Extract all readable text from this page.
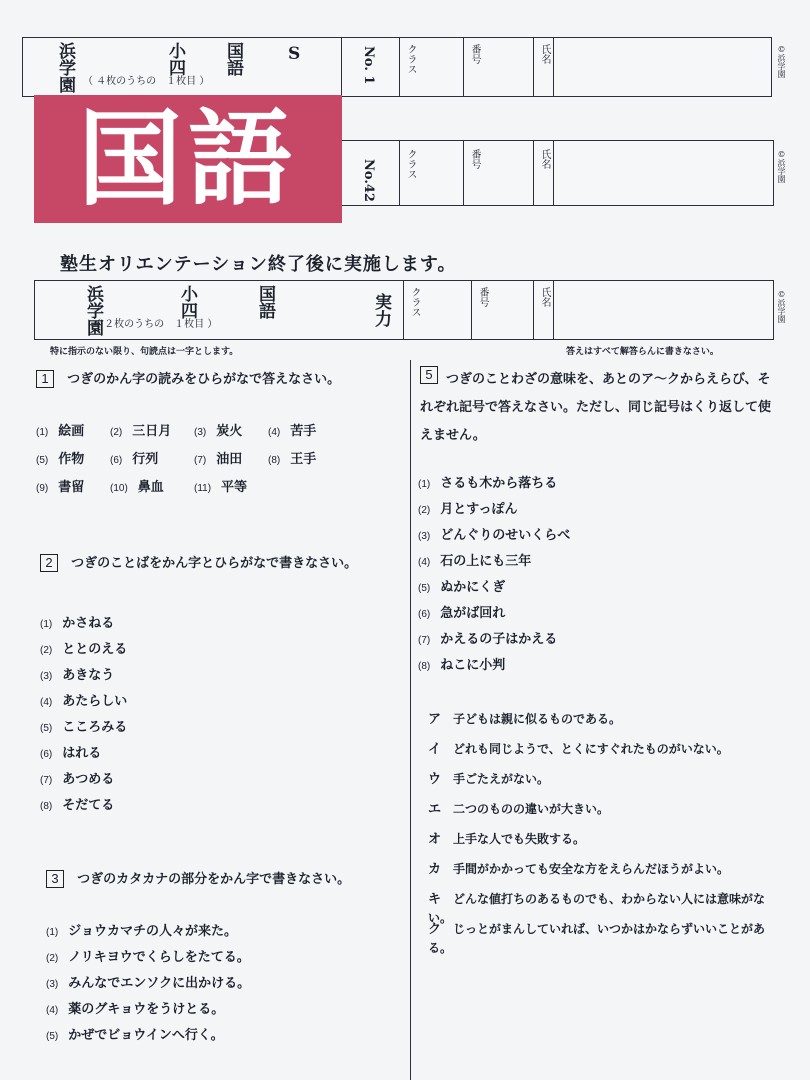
浜学園 （ ４枚のうちの　１枚目 ）
小四 国語	S	No. 1	クラス	番号	氏名	©浜学園
No.42	クラス	番号	氏名	©浜学園
国語
塾生オリエンテーション終了後に実施します。
浜学園
（ ２枚のうちの　１枚目 ）
小四	国語	実力	クラス	番号	氏名	©浜学園
特に指示のない限り、句読点は一字とします。	答えはすべて解答らんに書きなさい。
1 つぎのかん字の読みをひらがなで答えなさい。
(1) 絵画	(2) 三日月 (3) 炭火	(4) 苦手
(5) 作物	(6) 行列	(7) 油田	(8) 王手
(9) 書留	(10) 鼻血	(11) 平等
2 つぎのことばをかん字とひらがなで書きなさい。
(1) かさねる
(2) ととのえる
(3) あきなう
(4) あたらしい
(5) こころみる
(6) はれる
(7) あつめる
(8) そだてる
3 つぎのカタカナの部分をかん字で書きなさい。
(1) ジョウカマチの人々が来た。
(2) ノリキヨウでくらしをたてる。
(3) みんなでエンソクに出かける。
(4) 薬のグキョウをうけとる。
(5) かぜでビョウインへ行く。
5	つぎのことわざの意味を、あとのア〜クからえらび、それぞれ記号で答えなさい。ただし、同じ記号はくり返して使えません。
(1) さるも木から落ちる
(2) 月とすっぽん
(3) どんぐりのせいくらべ
(4) 石の上にも三年
(5) ぬかにくぎ
(6) 急がば回れ
(7) かえるの子はかえる
(8) ねこに小判
ア 子どもは親に似るものである。
イ どれも同じようで、とくにすぐれたものがいない。
ウ 手ごたえがない。
エ 二つのものの違いが大きい。
オ 上手な人でも失敗する。
カ 手間がかかっても安全な方をえらんだほうがよい。
キ どんな値打ちのあるものでも、わからない人には意味がない。
ク じっとがまんしていれば、いつかはかならずいいことがある。
